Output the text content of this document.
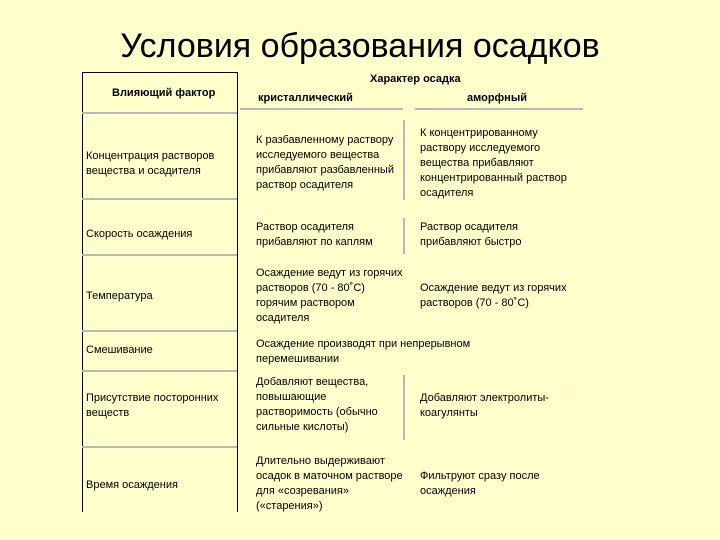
Условия образования осадков
Влияющий фактор
Характер осадка
кристаллический	аморфный
Концентрация растворов
вещества и осадителя
К разбавленному раствору
исследуемого вещества
прибавляют разбавленный
раствор осадителя
К концентрированному
раствору исследуемого
вещества прибавляют
концентрированный раствор
осадителя
Скорость осаждения
Раствор осадителя
прибавляют по каплям
Раствор осадителя
прибавляют быстро
Температура
Осаждение ведут из горячих
растворов (70 - 80˚С)
горячим раствором
осадителя
Осаждение ведут из горячих
растворов (70 - 80˚С)
Смешивание	Осаждение производят при непрерывном
перемешивании
Присутствие посторонних
веществ
Добавляют вещества,
повышающие
растворимость (обычно
сильные кислоты)
Добавляют электролиты-
коагулянты
Время осаждения
Длительно выдерживают
осадок в маточном растворе
для «созревания»
(«старения»)
Фильтруют сразу после
осаждения
